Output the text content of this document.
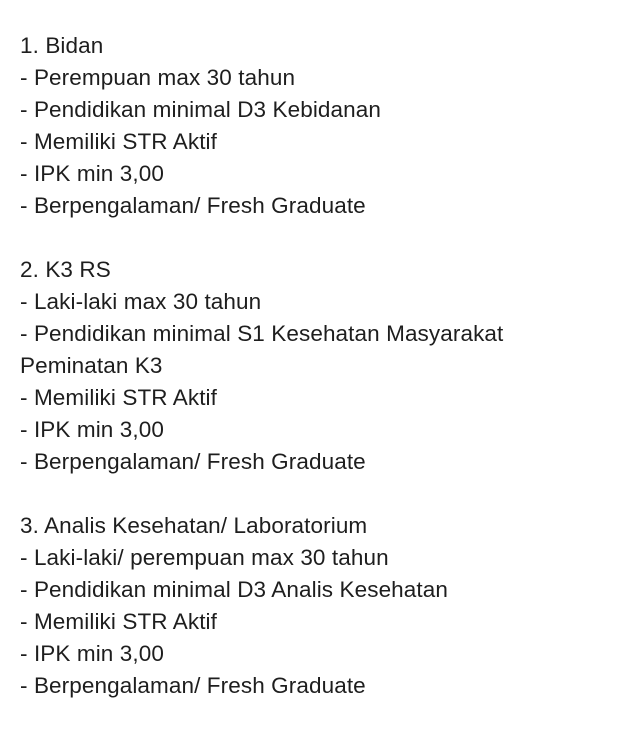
1. Bidan
- Perempuan max 30 tahun
- Pendidikan minimal D3 Kebidanan
- Memiliki STR Aktif
- IPK min 3,00
- Berpengalaman/ Fresh Graduate
2. K3 RS
- Laki-laki max 30 tahun
- Pendidikan minimal S1 Kesehatan Masyarakat
Peminatan K3
- Memiliki STR Aktif
- IPK min 3,00
- Berpengalaman/ Fresh Graduate
3. Analis Kesehatan/ Laboratorium
- Laki-laki/ perempuan max 30 tahun
- Pendidikan minimal D3 Analis Kesehatan
- Memiliki STR Aktif
- IPK min 3,00
- Berpengalaman/ Fresh Graduate
